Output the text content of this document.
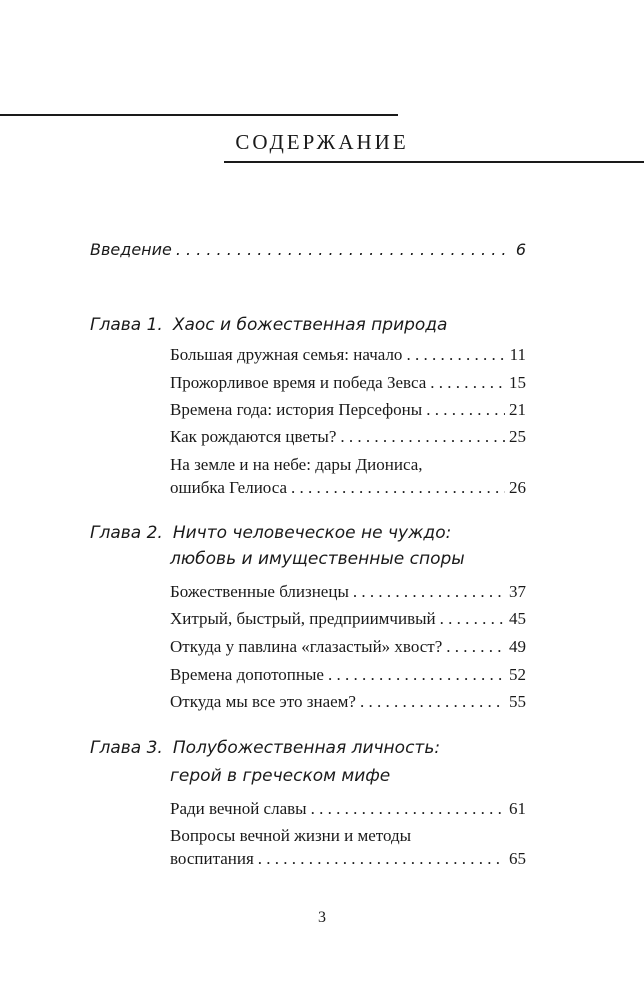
СОДЕРЖАНИЕ
Введение . . .	6
Глава 1. Хаос и божественная природа
Большая дружная семья: начало . . .	11
Прожорливое время и победа Зевса . . .	15
Времена года: история Персефоны . . .	21
Как рождаются цветы? . . .	25
На земле и на небе: дары Диониса,
ошибка Гелиоса . . .	26
Глава 2. Ничто человеческое не чуждо:
любовь и имущественные споры
Божественные близнецы . . .	37
Хитрый, быстрый, предприимчивый . . .	45
Откуда у павлина «глазастый» хвост? . . .	49
Времена допотопные . . .	52
Откуда мы все это знаем? . . .	55
Глава 3. Полубожественная личность:
герой в греческом мифе
Ради вечной славы . . .	61
Вопросы вечной жизни и методы
воспитания . . .	65
3
